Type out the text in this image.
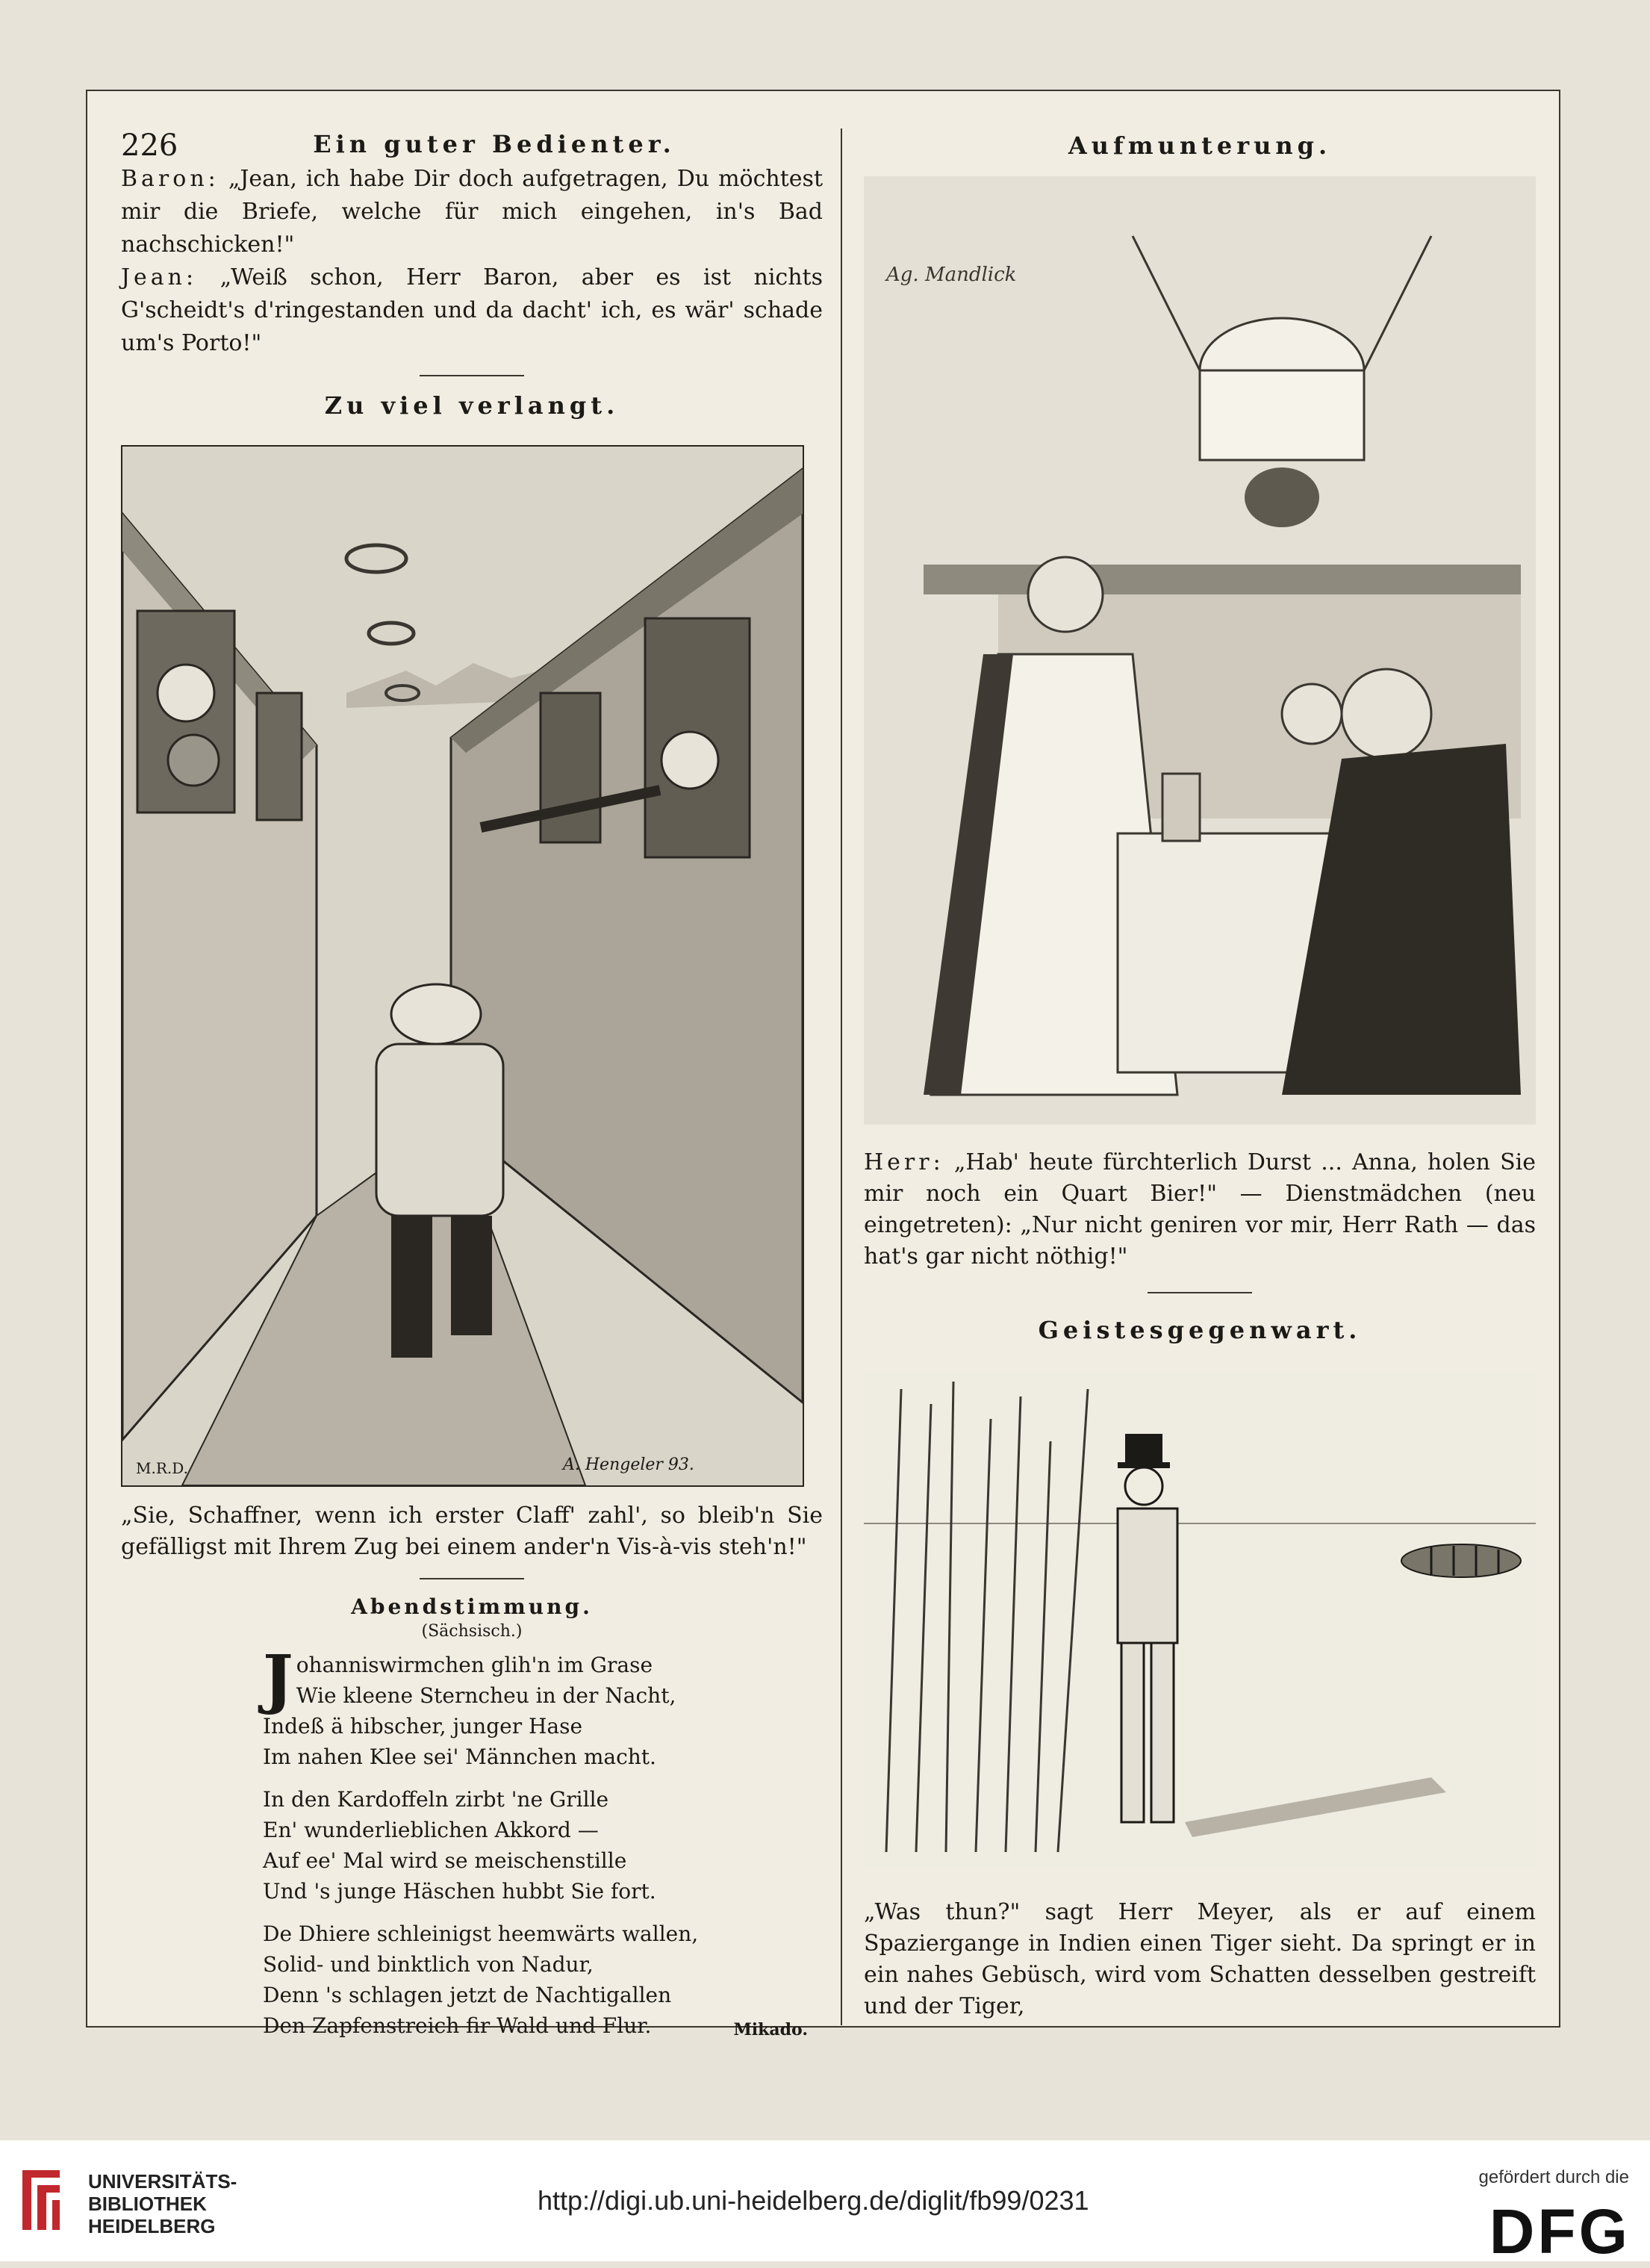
226	Ein guter Bedienter.

Baron: „Jean, ich habe Dir doch aufgetragen, Du möchtest mir die Briefe, welche für mich eingehen, in's Bad nachschicken!"

Jean: „Weiß schon, Herr Baron, aber es ist nichts G'scheidt's d'ringestanden und da dacht' ich, es wär' schade um's Porto!"

Zu viel verlangt.
M.R.D.	A. Hengeler 93.

„Sie, Schaffner, wenn ich erster Claff' zahl', so bleib'n Sie gefälligst mit Ihrem Zug bei einem ander'n Vis-à-vis steh'n!"

Abendstimmung.
(Sächsisch.)
J ohanniswirmchen glih'n im Grase
Wie kleene Sterncheu in der Nacht,
Indeß ä hibscher, junger Hase
Im nahen Klee sei' Männchen macht.
In den Kardoffeln zirbt 'ne Grille
En' wunderlieblichen Akkord —
Auf ee' Mal wird se meischenstille
Und 's junge Häschen hubbt Sie fort.
De Dhiere schleinigst heemwärts wallen,
Solid- und binktlich von Nadur,
Denn 's schlagen jetzt de Nachtigallen
Den Zapfenstreich fir Wald und Flur.	Mikado.
Aufmunterung.
Ag. Mandlick

Herr: „Hab' heute fürchterlich Durst ... Anna, holen Sie mir noch ein Quart Bier!" — Dienstmädchen (neu eingetreten): „Nur nicht geniren vor mir, Herr Rath — das hat's gar nicht nöthig!"

Geistesgegenwart.

„Was thun?" sagt Herr Meyer, als er auf einem Spaziergange in Indien einen Tiger sieht. Da springt er in ein nahes Gebüsch, wird vom Schatten desselben gestreift und der Tiger,

UNIVERSITÄTS-
BIBLIOTHEK
HEIDELBERG
http://digi.ub.uni-heidelberg.de/diglit/fb99/0231
gefördert durch die
DFG
